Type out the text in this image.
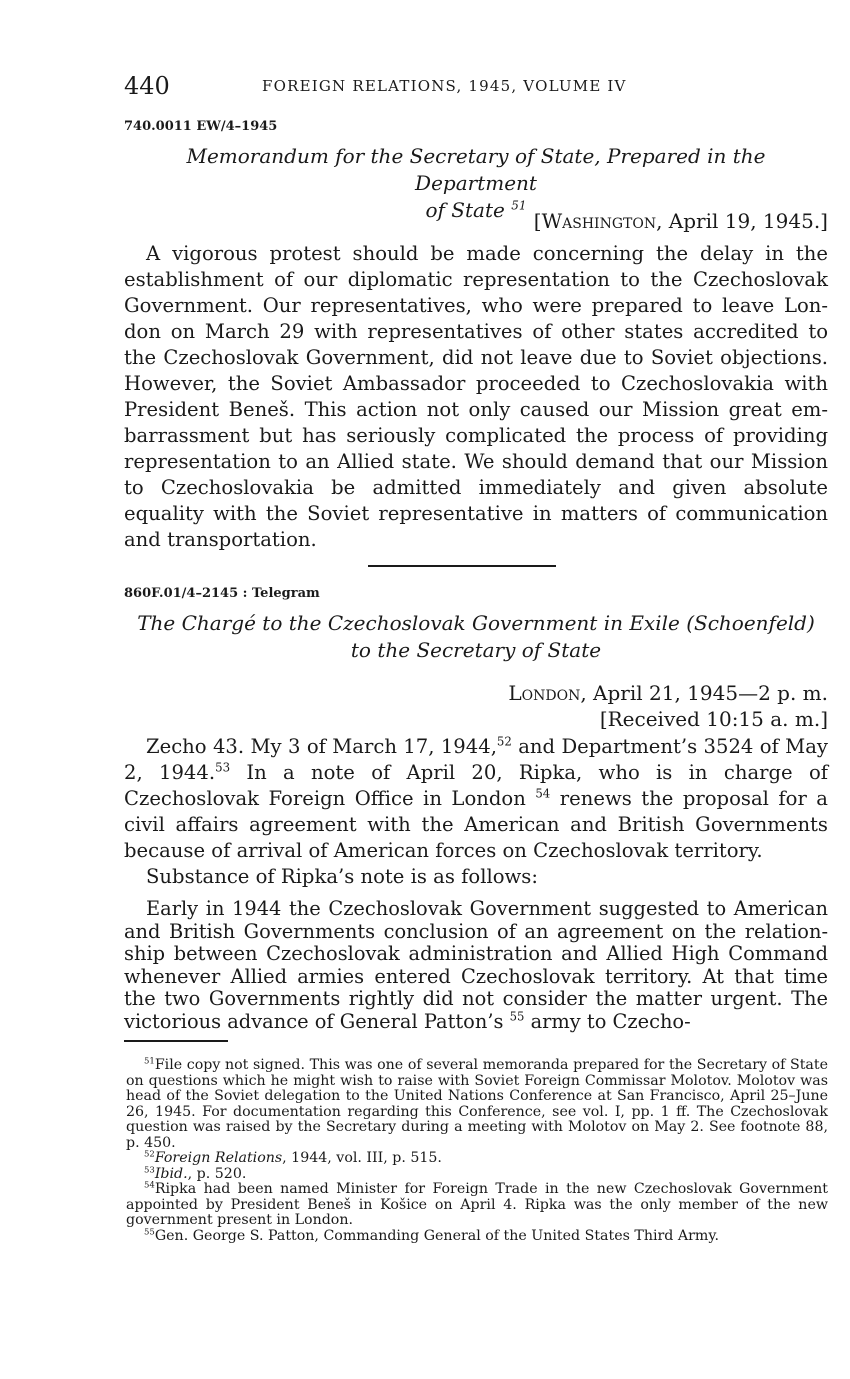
440	FOREIGN RELATIONS, 1945, VOLUME IV
740.0011 EW/4–1945
Memorandum for the Secretary of State, Prepared in the Department
of State $^{51}$
[Washington, April 19, 1945.]
A vigorous protest should be made concerning the delay in the establishment of our diplomatic representation to the Czechoslovak Government. Our representatives, who were prepared to leave London on March 29 with representatives of other states accredited to the Czechoslovak Government, did not leave due to Soviet objections. However, the Soviet Ambassador proceeded to Czechoslovakia with President Beneš. This action not only caused our Mission great embarrassment but has seriously complicated the process of providing representation to an Allied state. We should demand that our Mission to Czechoslovakia be admitted immediately and given absolute equality with the Soviet representative in matters of communication and transportation.
860F.01/4–2145 : Telegram
The Chargé to the Czechoslovak Government in Exile (Schoenfeld)
to the Secretary of State
London, April 21, 1945—2 p. m.
[Received 10:15 a. m.]

Zecho 43. My 3 of March 17, 1944,52 and Department’s 3524 of May 2, 1944.53 In a note of April 20, Ripka, who is in charge of Czechoslovak Foreign Office in London $^{54}$ renews the proposal for a civil affairs agreement with the American and British Governments because of arrival of American forces on Czechoslovak territory.

Substance of Ripka’s note is as follows:

Early in 1944 the Czechoslovak Government suggested to American and British Governments conclusion of an agreement on the relationship between Czechoslovak administration and Allied High Command whenever Allied armies entered Czechoslovak territory. At that time the two Governments rightly did not consider the matter urgent. The victorious advance of General Patton’s $^{55}$ army to Czecho-

$^{51}$File copy not signed. This was one of several memoranda prepared for the Secretary of State on questions which he might wish to raise with Soviet Foreign Commissar Molotov. Molotov was head of the Soviet delegation to the United Nations Conference at San Francisco, April 25–June 26, 1945. For documentation regarding this Conference, see vol. I, pp. 1 ff. The Czechoslovak question was raised by the Secretary during a meeting with Molotov on May 2. See footnote 88, p. 450.

$^{52}$Foreign Relations, 1944, vol. III, p. 515.

$^{53}$Ibid., p. 520.

$^{54}$Ripka had been named Minister for Foreign Trade in the new Czechoslovak Government appointed by President Beneš in Košice on April 4. Ripka was the only member of the new government present in London.

$^{55}$Gen. George S. Patton, Commanding General of the United States Third Army.
